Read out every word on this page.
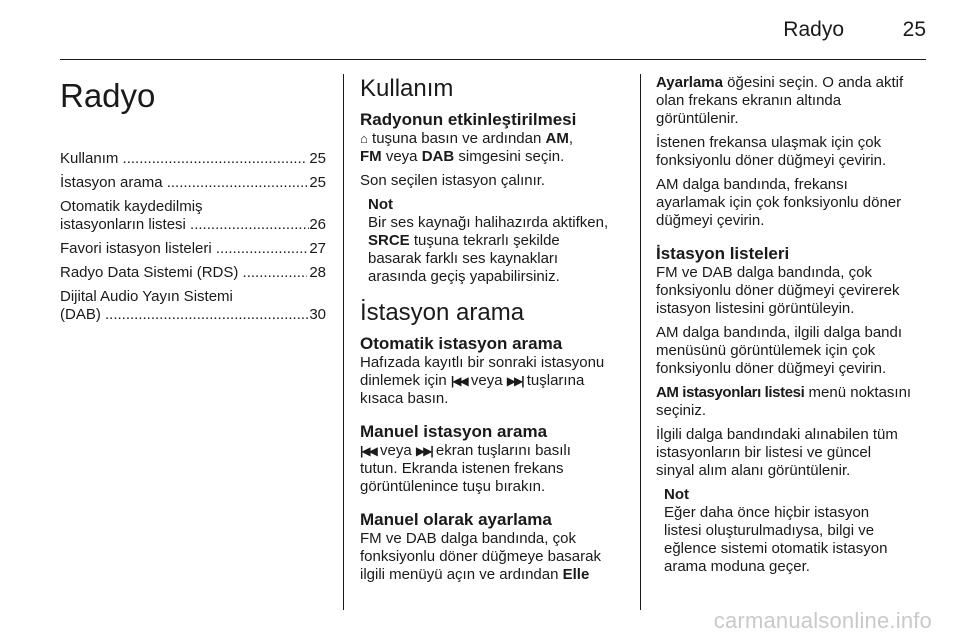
Radyo	25
Radyo
Kullanım .....	25
İstasyon arama .....	25
Otomatik kaydedilmiş
istasyonların listesi .....	26
Favori istasyon listeleri .....	27
Radyo Data Sistemi (RDS) .....	28
Dijital Audio Yayın Sistemi
(DAB) .....	30
Kullanım
Radyonun etkinleştirilmesi

⌂ tuşuna basın ve ardından AM,
FM veya DAB simgesini seçin.

Son seçilen istasyon çalınır.

Not
Bir ses kaynağı halihazırda aktifken,
SRCE tuşuna tekrarlı şekilde
basarak farklı ses kaynakları
arasında geçiş yapabilirsiniz.
İstasyon arama
Otomatik istasyon arama

Hafızada kayıtlı bir sonraki istasyonu
dinlemek için |◀◀ veya ▶▶| tuşlarına
kısaca basın.

Manuel istasyon arama

|◀◀ veya ▶▶| ekran tuşlarını basılı
tutun. Ekranda istenen frekans
görüntülenince tuşu bırakın.

Manuel olarak ayarlama

FM ve DAB dalga bandında, çok
fonksiyonlu döner düğmeye basarak
ilgili menüyü açın ve ardından Elle

Ayarlama öğesini seçin. O anda aktif
olan frekans ekranın altında
görüntülenir.

İstenen frekansa ulaşmak için çok
fonksiyonlu döner düğmeyi çevirin.

AM dalga bandında, frekansı
ayarlamak için çok fonksiyonlu döner
düğmeyi çevirin.

İstasyon listeleri

FM ve DAB dalga bandında, çok
fonksiyonlu döner düğmeyi çevirerek
istasyon listesini görüntüleyin.

AM dalga bandında, ilgili dalga bandı
menüsünü görüntülemek için çok
fonksiyonlu döner düğmeyi çevirin.

AM istasyonları listesi menü noktasını
seçiniz.

İlgili dalga bandındaki alınabilen tüm
istasyonların bir listesi ve güncel
sinyal alım alanı görüntülenir.

Not
Eğer daha önce hiçbir istasyon
listesi oluşturulmadıysa, bilgi ve
eğlence sistemi otomatik istasyon
arama moduna geçer.
carmanualsonline.info
